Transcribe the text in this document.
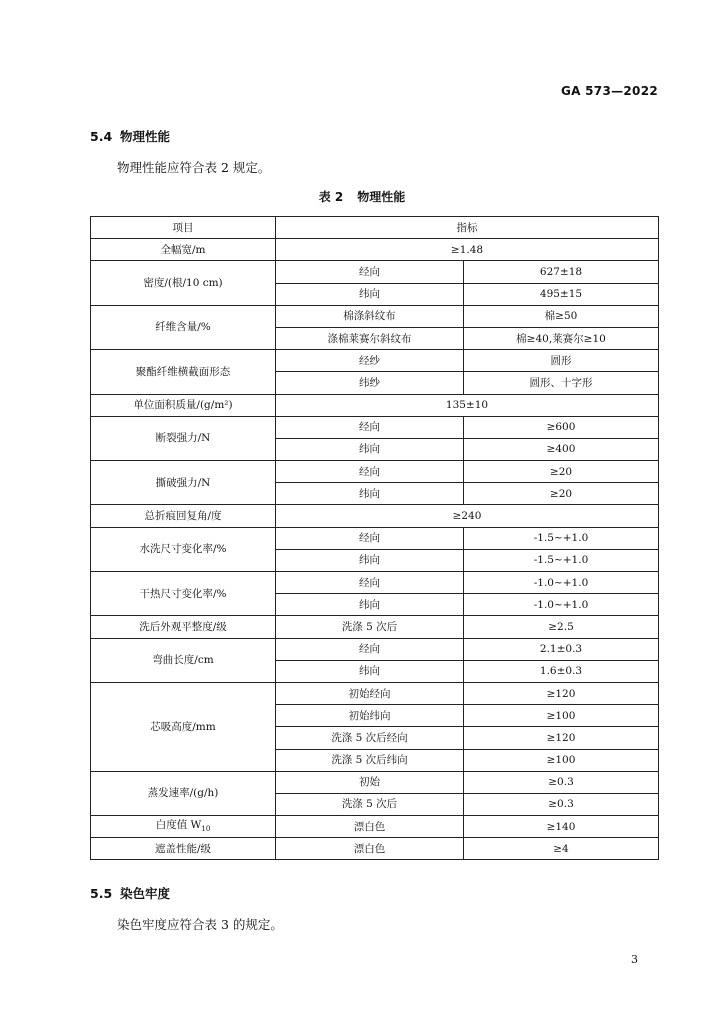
GA 573—2022
5.4 物理性能
物理性能应符合表 2 规定。
表 2 物理性能
项目	指标	
全幅宽/m	≥1.48	
密度/(根/10 cm)	经向	627±18
	纬向	495±15
纤维含量/%	棉涤斜纹布	棉≥50
	涤棉莱赛尔斜纹布	棉≥40,莱赛尔≥10
聚酯纤维横截面形态	经纱	圆形
	纬纱	圆形、十字形
单位面积质量/(g/m²)	135±10	
断裂强力/N	经向	≥600
	纬向	≥400
撕破强力/N	经向	≥20
	纬向	≥20
总折痕回复角/度	≥240	
水洗尺寸变化率/%	经向	-1.5~+1.0
	纬向	-1.5~+1.0
干热尺寸变化率/%	经向	-1.0~+1.0
	纬向	-1.0~+1.0
洗后外观平整度/级	洗涤 5 次后	≥2.5
弯曲长度/cm	经向	2.1±0.3
	纬向	1.6±0.3
芯吸高度/mm	初始经向	≥120
	初始纬向	≥100
	洗涤 5 次后经向	≥120
	洗涤 5 次后纬向	≥100
蒸发速率/(g/h)	初始	≥0.3
	洗涤 5 次后	≥0.3
白度值 $W_{10}$	漂白色	≥140
遮盖性能/级	漂白色	≥4
5.5 染色牢度
染色牢度应符合表 3 的规定。
3
